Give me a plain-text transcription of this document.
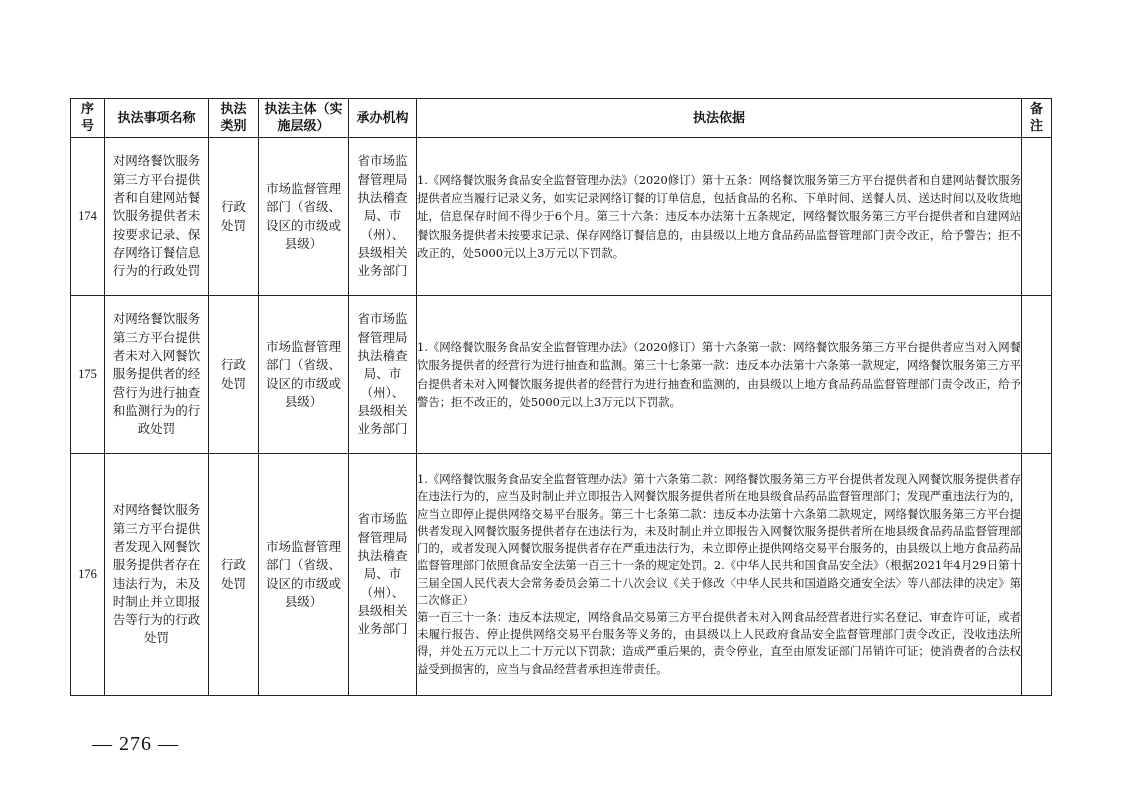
序号	执法事项名称	执法类别	执法主体（实施层级）	承办机构	执法依据	备注

174	对网络餐饮服务第三方平台提供者和自建网站餐饮服务提供者未按要求记录、保存网络订餐信息行为的行政处罚	行政处罚	市场监督管理部门（省级、设区的市级或县级）	省市场监督管理局执法稽查局、市（州）、县级相关业务部门	1.《网络餐饮服务食品安全监督管理办法》（2020修订）第十五条：网络餐饮服务第三方平台提供者和自建网站餐饮服务提供者应当履行记录义务，如实记录网络订餐的订单信息，包括食品的名称、下单时间、送餐人员、送达时间以及收货地址，信息保存时间不得少于6个月。第三十六条：违反本办法第十五条规定，网络餐饮服务第三方平台提供者和自建网站餐饮服务提供者未按要求记录、保存网络订餐信息的，由县级以上地方食品药品监督管理部门责令改正，给予警告；拒不改正的，处5000元以上3万元以下罚款。	
175	对网络餐饮服务第三方平台提供者未对入网餐饮服务提供者的经营行为进行抽查和监测行为的行政处罚	行政处罚	市场监督管理部门（省级、设区的市级或县级）	省市场监督管理局执法稽查局、市（州）、县级相关业务部门	1.《网络餐饮服务食品安全监督管理办法》（2020修订）第十六条第一款：网络餐饮服务第三方平台提供者应当对入网餐饮服务提供者的经营行为进行抽查和监测。第三十七条第一款：违反本办法第十六条第一款规定，网络餐饮服务第三方平台提供者未对入网餐饮服务提供者的经营行为进行抽查和监测的，由县级以上地方食品药品监督管理部门责令改正，给予警告；拒不改正的，处5000元以上3万元以下罚款。	
176	对网络餐饮服务第三方平台提供者发现入网餐饮服务提供者存在违法行为，未及时制止并立即报告等行为的行政处罚	行政处罚	市场监督管理部门（省级、设区的市级或县级）	省市场监督管理局执法稽查局、市（州）、县级相关业务部门	1.《网络餐饮服务食品安全监督管理办法》第十六条第二款：网络餐饮服务第三方平台提供者发现入网餐饮服务提供者存在违法行为的，应当及时制止并立即报告入网餐饮服务提供者所在地县级食品药品监督管理部门；发现严重违法行为的，应当立即停止提供网络交易平台服务。第三十七条第二款：违反本办法第十六条第二款规定，网络餐饮服务第三方平台提供者发现入网餐饮服务提供者存在违法行为，未及时制止并立即报告入网餐饮服务提供者所在地县级食品药品监督管理部门的，或者发现入网餐饮服务提供者存在严重违法行为，未立即停止提供网络交易平台服务的，由县级以上地方食品药品监督管理部门依照食品安全法第一百三十一条的规定处罚。2.《中华人民共和国食品安全法》（根据2021年4月29日第十三届全国人民代表大会常务委员会第二十八次会议《关于修改〈中华人民共和国道路交通安全法〉等八部法律的决定》第二次修正）
第一百三十一条：违反本法规定，网络食品交易第三方平台提供者未对入网食品经营者进行实名登记、审查许可证，或者未履行报告、停止提供网络交易平台服务等义务的，由县级以上人民政府食品安全监督管理部门责令改正，没收违法所得，并处五万元以上二十万元以下罚款；造成严重后果的，责令停业，直至由原发证部门吊销许可证；使消费者的合法权益受到损害的，应当与食品经营者承担连带责任。	
— 276 —
